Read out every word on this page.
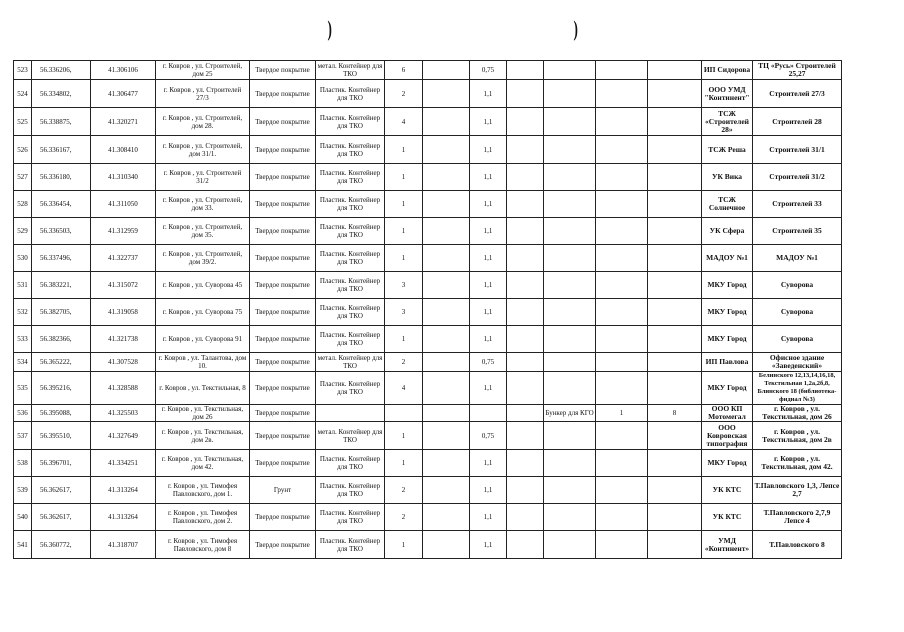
)	)
523	56.336206,	41.306106	г. Ковров , ул. Строителей, дом 25	Твердое покрытие	метал. Контейнер для ТКО	6		0,75					ИП Сидорова	ТЦ «Русь» Строителей 25,27
524	56.334802,	41.306477	г. Ковров , ул. Строителей 27/3	Твердое покрытие	Пластик. Контейнер для ТКО	2		1,1					ООО УМД "Континент"	Строителей 27/3
525	56.338875,	41.320271	г. Ковров , ул. Строителей, дом 28.	Твердое покрытие	Пластик. Контейнер для ТКО	4		1,1					ТСЖ «Строителей 28»	Строителей 28
526	56.336167,	41.308410	г. Ковров , ул. Строителей, дом 31/1.	Твердое покрытие	Пластик. Контейнер для ТКО	1		1,1					ТСЖ Реша	Строителей 31/1
527	56.336180,	41.310340	г. Ковров , ул. Строителей 31/2	Твердое покрытие	Пластик. Контейнер для ТКО	1		1,1					УК Вика	Строителей 31/2
528	56.336454,	41.311050	г. Ковров , ул. Строителей, дом 33.	Твердое покрытие	Пластик. Контейнер для ТКО	1		1,1					ТСЖ Солнечное	Строителей 33
529	56.336503,	41.312959	г. Ковров , ул. Строителей, дом 35.	Твердое покрытие	Пластик. Контейнер для ТКО	1		1,1					УК Сфера	Строителей 35
530	56.337496,	41.322737	г. Ковров , ул. Строителей, дом 39/2.	Твердое покрытие	Пластик. Контейнер для ТКО	1		1,1					МАДОУ №1	МАДОУ №1
531	56.383221,	41.315072	г. Ковров , ул. Суворова 45	Твердое покрытие	Пластик. Контейнер для ТКО	3		1,1					МКУ Город	Суворова
532	56.382705,	41.319058	г. Ковров , ул. Суворова 75	Твердое покрытие	Пластик. Контейнер для ТКО	3		1,1					МКУ Город	Суворова
533	56.382366,	41.321738	г. Ковров , ул. Суворова 91	Твердое покрытие	Пластик. Контейнер для ТКО	1		1,1					МКУ Город	Суворова
534	56.365222,	41.307528	г. Ковров , ул. Талантова, дом 10.	Твердое покрытие	метал. Контейнер для ТКО	2		0,75					ИП Павлова	Офисное здание «Заведенский»
535	56.395216,	41.328588	г. Ковров , ул. Текстильная, 8	Твердое покрытие	Пластик. Контейнер для ТКО	4		1,1					МКУ Город	Белинского 12,13,14,16,18, Текстильная 1,2а,2б,8, Блинского 18 (библиотека-фидиал №3)
536	56.395088,	41.325503	г. Ковров , ул. Текстильная, дом 26	Твердое покрытие						Бункер для КГО	1	8	ООО КП Мотомегал	г. Ковров , ул. Текстильная, дом 26
537	56.395510,	41.327649	г. Ковров , ул. Текстильная, дом 2в.	Твердое покрытие	метал. Контейнер для ТКО	1		0,75					ООО Ковровская типография	г. Ковров , ул. Текстильная, дом 2в
538	56.396701,	41.334251	г. Ковров , ул. Текстильная, дом 42.	Твердое покрытие	Пластик. Контейнер для ТКО	1		1,1					МКУ Город	г. Ковров , ул. Текстильная, дом 42.
539	56.362617,	41.313264	г. Ковров , ул. Тимофея Павловского, дом 1.	Грунт	Пластик. Контейнер для ТКО	2		1,1					УК КТС	Т.Павловского 1,3, Лепсе 2,7
540	56.362617,	41.313264	г. Ковров , ул. Тимофея Павловского, дом 2.	Твердое покрытие	Пластик. Контейнер для ТКО	2		1,1					УК КТС	Т.Павловского 2,7,9 Лепсе 4
541	56.360772,	41.318707	г. Ковров , ул. Тимофея Павловского, дом 8	Твердое покрытие	Пластик. Контейнер для ТКО	1		1,1					УМД «Континент»	Т.Павловского 8
